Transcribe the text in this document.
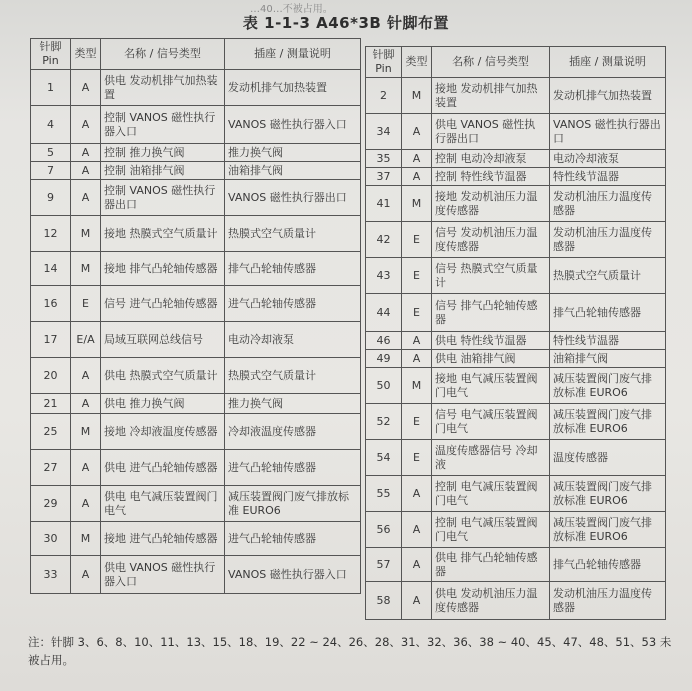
…40…不被占用。
表 1-1-3 A46*3B 针脚布置
针脚 Pin	类型	名称 / 信号类型	插座 / 测量说明
1	A	供电 发动机排气加热装置	发动机排气加热装置
4	A	控制 VANOS 磁性执行器入口	VANOS 磁性执行器入口
5	A	控制 推力换气阀	推力换气阀
7	A	控制 油箱排气阀	油箱排气阀
9	A	控制 VANOS 磁性执行器出口	VANOS 磁性执行器出口
12	M	接地 热膜式空气质量计	热膜式空气质量计
14	M	接地 排气凸轮轴传感器	排气凸轮轴传感器
16	E	信号 进气凸轮轴传感器	进气凸轮轴传感器
17	E/A	局域互联网总线信号	电动冷却液泵
20	A	供电 热膜式空气质量计	热膜式空气质量计
21	A	供电 推力换气阀	推力换气阀
25	M	接地 冷却液温度传感器	冷却液温度传感器
27	A	供电 进气凸轮轴传感器	进气凸轮轴传感器
29	A	供电 电气减压装置阀门电气	减压装置阀门废气排放标准 EURO6
30	M	接地 进气凸轮轴传感器	进气凸轮轴传感器
33	A	供电 VANOS 磁性执行器入口	VANOS 磁性执行器入口
针脚 Pin	类型	名称 / 信号类型	插座 / 测量说明
2	M	接地 发动机排气加热装置	发动机排气加热装置
34	A	供电 VANOS 磁性执行器出口	VANOS 磁性执行器出口
35	A	控制 电动冷却液泵	电动冷却液泵
37	A	控制 特性线节温器	特性线节温器
41	M	接地 发动机油压力温度传感器	发动机油压力温度传感器
42	E	信号 发动机油压力温度传感器	发动机油压力温度传感器
43	E	信号 热膜式空气质量计	热膜式空气质量计
44	E	信号 排气凸轮轴传感器	排气凸轮轴传感器
46	A	供电 特性线节温器	特性线节温器
49	A	供电 油箱排气阀	油箱排气阀
50	M	接地 电气减压装置阀门电气	减压装置阀门废气排放标准 EURO6
52	E	信号 电气减压装置阀门电气	减压装置阀门废气排放标准 EURO6
54	E	温度传感器信号 冷却液	温度传感器
55	A	控制 电气减压装置阀门电气	减压装置阀门废气排放标准 EURO6
56	A	控制 电气减压装置阀门电气	减压装置阀门废气排放标准 EURO6
57	A	供电 排气凸轮轴传感器	排气凸轮轴传感器
58	A	供电 发动机油压力温度传感器	发动机油压力温度传感器
注：针脚 3、6、8、10、11、13、15、18、19、22 ~ 24、26、28、31、32、36、38 ~ 40、45、47、48、51、53 未被占用。
